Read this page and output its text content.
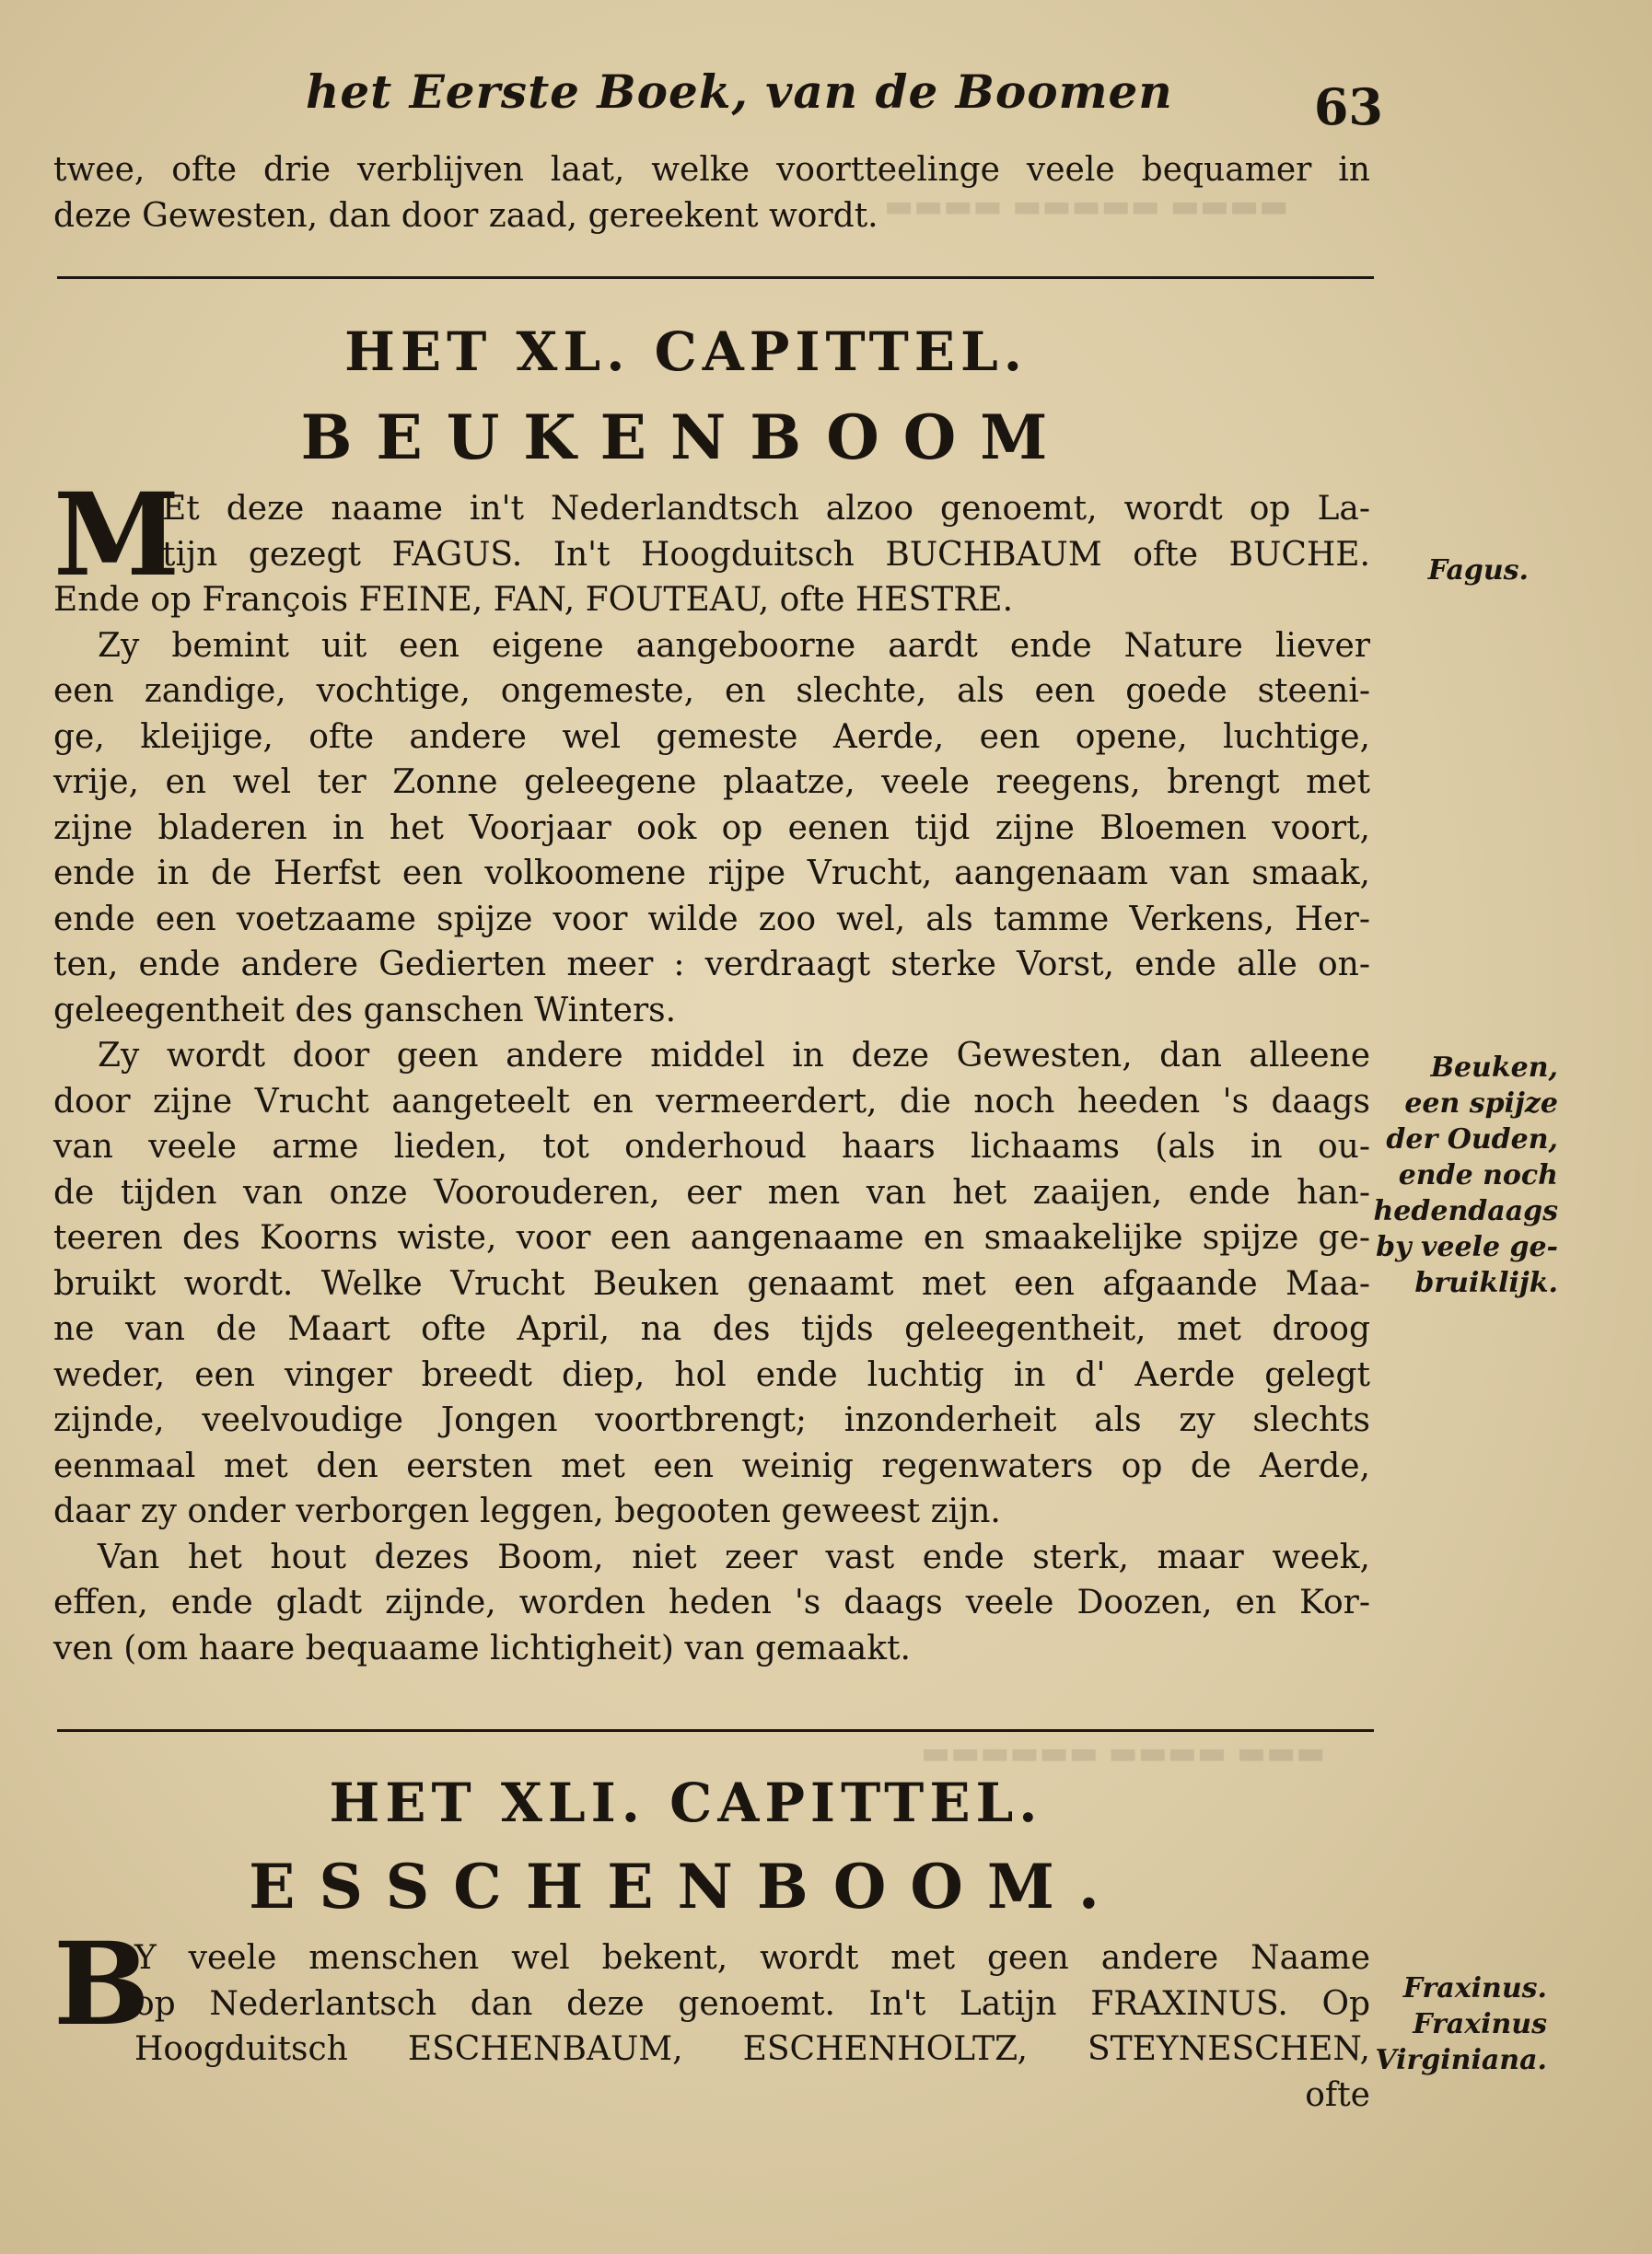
▬▬▬▬ ▬▬▬▬▬ ▬▬▬▬
▬▬▬ ▬▬▬▬ ▬▬▬▬▬▬
het Eerste Boek, van de Boomen	63

twee, ofte drie verblijven laat, welke voortteelinge veele bequamer in
deze Gewesten, dan door zaad, gereekent wordt.

HET XL. CAPITTEL.
BEUKENBOOM
M

Et deze naame in't Nederlandtsch alzoo genoemt, wordt op La-
tijn gezegt FAGUS. In't Hoogduitsch BUCHBAUM ofte BUCHE.

Ende op François FEINE, FAN, FOUTEAU, ofte HESTRE.

Zy bemint uit een eigene aangeboorne aardt ende Nature liever
een zandige, vochtige, ongemeste, en slechte, als een goede steeni-
ge, kleijige, ofte andere wel gemeste Aerde, een opene, luchtige,
vrije, en wel ter Zonne geleegene plaatze, veele reegens, brengt met
zijne bladeren in het Voorjaar ook op eenen tijd zijne Bloemen voort,
ende in de Herfst een volkoomene rijpe Vrucht, aangenaam van smaak,
ende een voetzaame spijze voor wilde zoo wel, als tamme Verkens, Her-
ten, ende andere Gedierten meer : verdraagt sterke Vorst, ende alle on-
geleegentheit des ganschen Winters.

Zy wordt door geen andere middel in deze Gewesten, dan alleene
door zijne Vrucht aangeteelt en vermeerdert, die noch heeden 's daags
van veele arme lieden, tot onderhoud haars lichaams (als in ou-
de tijden van onze Voorouderen, eer men van het zaaijen, ende han-
teeren des Koorns wiste, voor een aangenaame en smaakelijke spijze ge-
bruikt wordt. Welke Vrucht Beuken genaamt met een afgaande Maa-
ne van de Maart ofte April, na des tijds geleegentheit, met droog
weder, een vinger breedt diep, hol ende luchtig in d' Aerde gelegt
zijnde, veelvoudige Jongen voortbrengt; inzonderheit als zy slechts
eenmaal met den eersten met een weinig regenwaters op de Aerde,
daar zy onder verborgen leggen, begooten geweest zijn.

Van het hout dezes Boom, niet zeer vast ende sterk, maar week,
effen, ende gladt zijnde, worden heden 's daags veele Doozen, en Kor-
ven (om haare bequaame lichtigheit) van gemaakt.

Fagus.
Beuken,
een spijze
der Ouden,
ende noch
hedendaags
by veele ge-
bruiklijk.
HET XLI. CAPITTEL.
ESSCHENBOOM.
B

Y veele menschen wel bekent, wordt met geen andere Naame
op Nederlantsch dan deze genoemt. In't Latijn FRAXINUS. Op
Hoogduitsch ESCHENBAUM, ESCHENHOLTZ, STEYNESCHEN,

ofte

Fraxinus.
Fraxinus
Virginiana.
